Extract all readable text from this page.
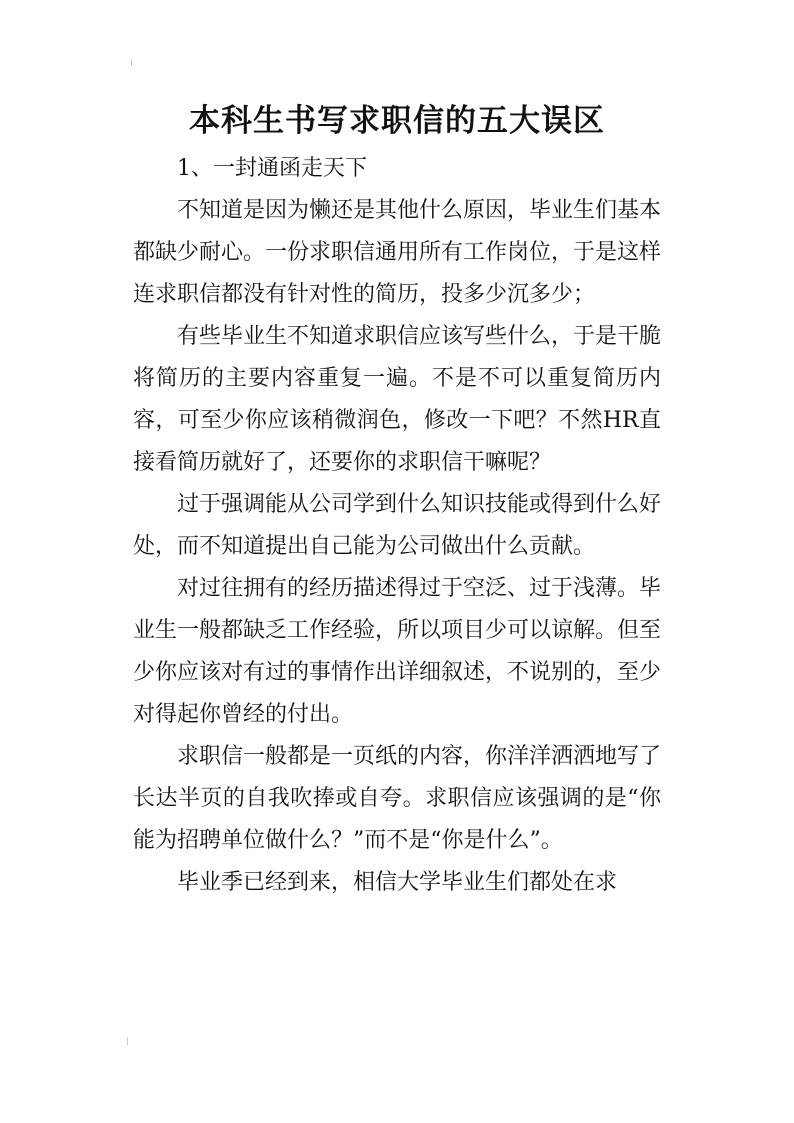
本科生书写求职信的五大误区

1、一封通函走天下

不知道是因为懒还是其他什么原因，毕业生们基本都缺少耐心。一份求职信通用所有工作岗位，于是这样连求职信都没有针对性的简历，投多少沉多少；

有些毕业生不知道求职信应该写些什么，于是干脆将简历的主要内容重复一遍。不是不可以重复简历内容，可至少你应该稍微润色，修改一下吧？不然HR直接看简历就好了，还要你的求职信干嘛呢？

过于强调能从公司学到什么知识技能或得到什么好处，而不知道提出自己能为公司做出什么贡献。

对过往拥有的经历描述得过于空泛、过于浅薄。毕业生一般都缺乏工作经验，所以项目少可以谅解。但至少你应该对有过的事情作出详细叙述，不说别的，至少对得起你曾经的付出。

求职信一般都是一页纸的内容，你洋洋洒洒地写了长达半页的自我吹捧或自夸。求职信应该强调的是“你能为招聘单位做什么？”而不是“你是什么”。

毕业季已经到来，相信大学毕业生们都处在求
